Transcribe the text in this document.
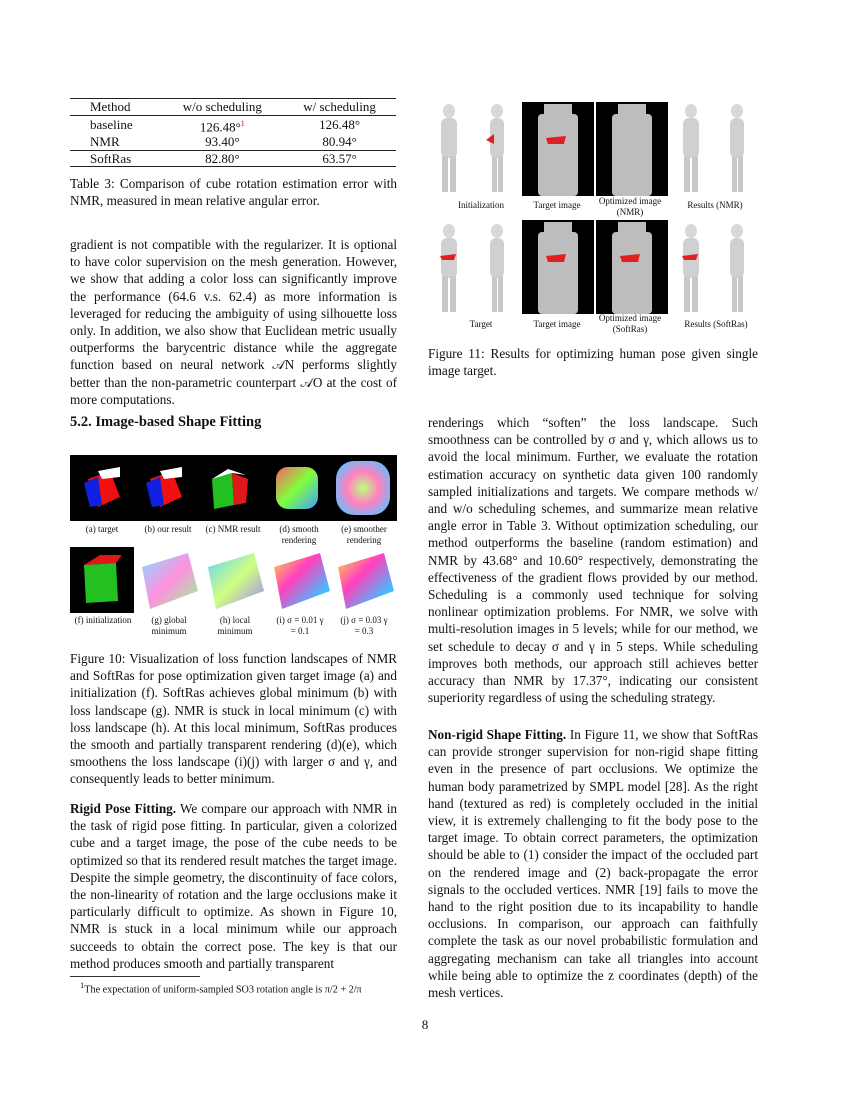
Method	w/o scheduling	w/ scheduling
baseline	126.48°$^1$	126.48°
NMR	93.40°	80.94°
SoftRas	82.80°	63.57°
Table 3: Comparison of cube rotation estimation error with NMR, measured in mean relative angular error.
gradient is not compatible with the regularizer. It is optional to have color supervision on the mesh generation. However, we show that adding a color loss can significantly improve the performance (64.6 v.s. 62.4) as more information is leveraged for reducing the ambiguity of using silhouette loss only. In addition, we also show that Euclidean metric usually outperforms the barycentric distance while the aggregate function based on neural network 𝒜N performs slightly better than the non-parametric counterpart 𝒜O at the cost of more computations.
5.2. Image-based Shape Fitting
(a) target	(b) our result	(c) NMR result	(d) smooth rendering
(e) smoother rendering
(f) initialization	(g) global minimum
(h) local minimum
(i) σ = 0.01 γ = 0.1
(j) σ = 0.03 γ = 0.3
Figure 10: Visualization of loss function landscapes of NMR and SoftRas for pose optimization given target image (a) and initialization (f). SoftRas achieves global minimum (b) with loss landscape (g). NMR is stuck in local minimum (c) with loss landscape (h). At this local minimum, SoftRas produces the smooth and partially transparent rendering (d)(e), which smoothens the loss landscape (i)(j) with larger σ and γ, and consequently leads to better minimum.
Rigid Pose Fitting. We compare our approach with NMR in the task of rigid pose fitting. In particular, given a colorized cube and a target image, the pose of the cube needs to be optimized so that its rendered result matches the target image. Despite the simple geometry, the discontinuity of face colors, the non-linearity of rotation and the large occlusions make it particularly difficult to optimize. As shown in Figure 10, NMR is stuck in a local minimum while our approach succeeds to obtain the correct pose. The key is that our method produces smooth and partially transparent
$^1$The expectation of uniform-sampled SO3 rotation angle is π/2 + 2/π
Initialization	Target image	Optimized image (NMR)
Results (NMR)
Target	Target image
Optimized image (SoftRas)	Results (SoftRas)
Figure 11: Results for optimizing human pose given single image target.
renderings which “soften” the loss landscape. Such smoothness can be controlled by σ and γ, which allows us to avoid the local minimum. Further, we evaluate the rotation estimation accuracy on synthetic data given 100 randomly sampled initializations and targets. We compare methods w/ and w/o scheduling schemes, and summarize mean relative angle error in Table 3. Without optimization scheduling, our method outperforms the baseline (random estimation) and NMR by 43.68° and 10.60° respectively, demonstrating the effectiveness of the gradient flows provided by our method. Scheduling is a commonly used technique for solving nonlinear optimization problems. For NMR, we solve with multi-resolution images in 5 levels; while for our method, we set schedule to decay σ and γ in 5 steps. While scheduling improves both methods, our approach still achieves better accuracy than NMR by 17.37°, indicating our consistent superiority regardless of using the scheduling strategy.
Non-rigid Shape Fitting. In Figure 11, we show that SoftRas can provide stronger supervision for non-rigid shape fitting even in the presence of part occlusions. We optimize the human body parametrized by SMPL model [28]. As the right hand (textured as red) is completely occluded in the initial view, it is extremely challenging to fit the body pose to the target image. To obtain correct parameters, the optimization should be able to (1) consider the impact of the occluded part on the rendered image and (2) back-propagate the error signals to the occluded vertices. NMR [19] fails to move the hand to the right position due to its incapability to handle occlusions. In comparison, our approach can faithfully complete the task as our novel probabilistic formulation and aggregating mechanism can take all triangles into account while being able to optimize the z coordinates (depth) of the mesh vertices.
8
